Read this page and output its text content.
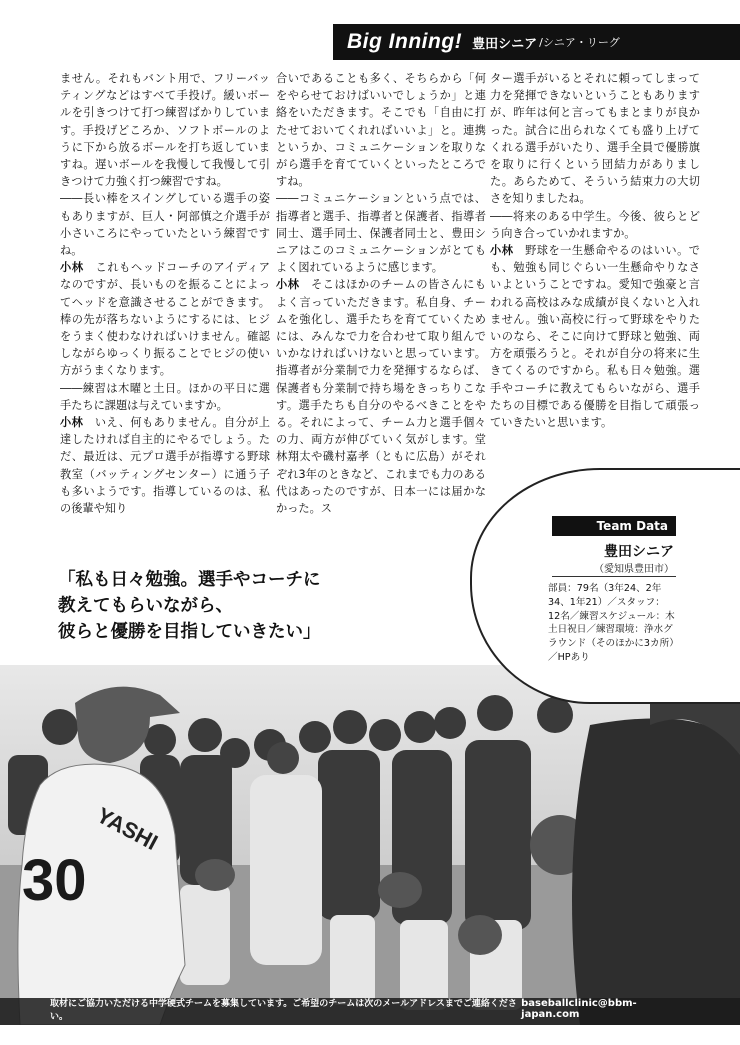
Big Inning! 豊田シニア /シニア・リーグ

ません。それもバント用で、フリーバッティングなどはすべて手投げ。緩いボールを引きつけて打つ練習ばかりしています。手投げどころか、ソフトボールのように下から放るボールを打ち返していますね。遅いボールを我慢して我慢して引きつけて力強く打つ練習ですね。

――長い棒をスイングしている選手の姿もありますが、巨人・阿部慎之介選手が小さいころにやっていたという練習ですね。

小林　 これもヘッドコーチのアイディアなのですが、長いものを振ることによってヘッドを意識させることができます。棒の先が落ちないようにするには、ヒジをうまく使わなければいけません。確認しながらゆっくり振ることでヒジの使い方がうまくなります。

――練習は木曜と土日。ほかの平日に選手たちに課題は与えていますか。

小林　 いえ、何もありません。自分が上達したければ自主的にやるでしょう。ただ、最近は、元プロ選手が指導する野球教室（バッティングセンター）に通う子も多いようです。指導しているのは、私の後輩や知り

合いであることも多く、そちらから「何をやらせておけばいいでしょうか」と連絡をいただきます。そこでも「自由に打たせておいてくれればいいよ」と。連携というか、コミュニケーションを取りながら選手を育てていくといったところですね。

――コミュニケーションという点では、指導者と選手、指導者と保護者、指導者同士、選手同士、保護者同士と、豊田シニアはこのコミュニケーションがとてもよく図れているように感じます。

小林　 そこはほかのチームの皆さんにもよく言っていただきます。私自身、チームを強化し、選手たちを育てていくためには、みんなで力を合わせて取り組んでいかなければいけないと思っています。指導者が分業制で力を発揮するならば、保護者も分業制で持ち場をきっちりこなす。選手たちも自分のやるべきことをやる。それによって、チーム力と選手個々の力、両方が伸びていく気がします。堂林翔太や磯村嘉孝（ともに広島）がそれぞれ3年のときなど、これまでも力のある代はあったのですが、日本一には届かなかった。ス

ター選手がいるとそれに頼ってしまって力を発揮できないということもありますが、昨年は何と言ってもまとまりが良かった。試合に出られなくても盛り上げてくれる選手がいたり、選手全員で優勝旗を取りに行くという団結力がありました。あらためて、そういう結束力の大切さを知りましたね。

――将来のある中学生。今後、彼らとどう向き合っていかれますか。

小林　 野球を一生懸命やるのはいい。でも、勉強も同じぐらい一生懸命やりなさいよということですね。愛知で強豪と言われる高校はみな成績が良くないと入れません。強い高校に行って野球をやりたいのなら、そこに向けて野球と勉強、両方を頑張ろうと。それが自分の将来に生きてくるのですから。私も日々勉強。選手やコーチに教えてもらいながら、選手たちの目標である優勝を目指して頑張っていきたいと思います。

YASHI
30
「私も日々勉強。選手やコーチに
教えてもらいながら、
彼らと優勝を目指していきたい」
Team Data
豊田シニア
（愛知県豊田市）
部員：79名（3年24、2年34、1年21）／スタッフ：12名／練習スケジュール：木土日祝日／練習環境：浄水グラウンド（そのほかに3カ所）／HPあり
取材にご協力いただける中学硬式チームを募集しています。ご希望のチームは次のメールアドレスまでご連絡ください。
baseballclinic@bbm-japan.com
